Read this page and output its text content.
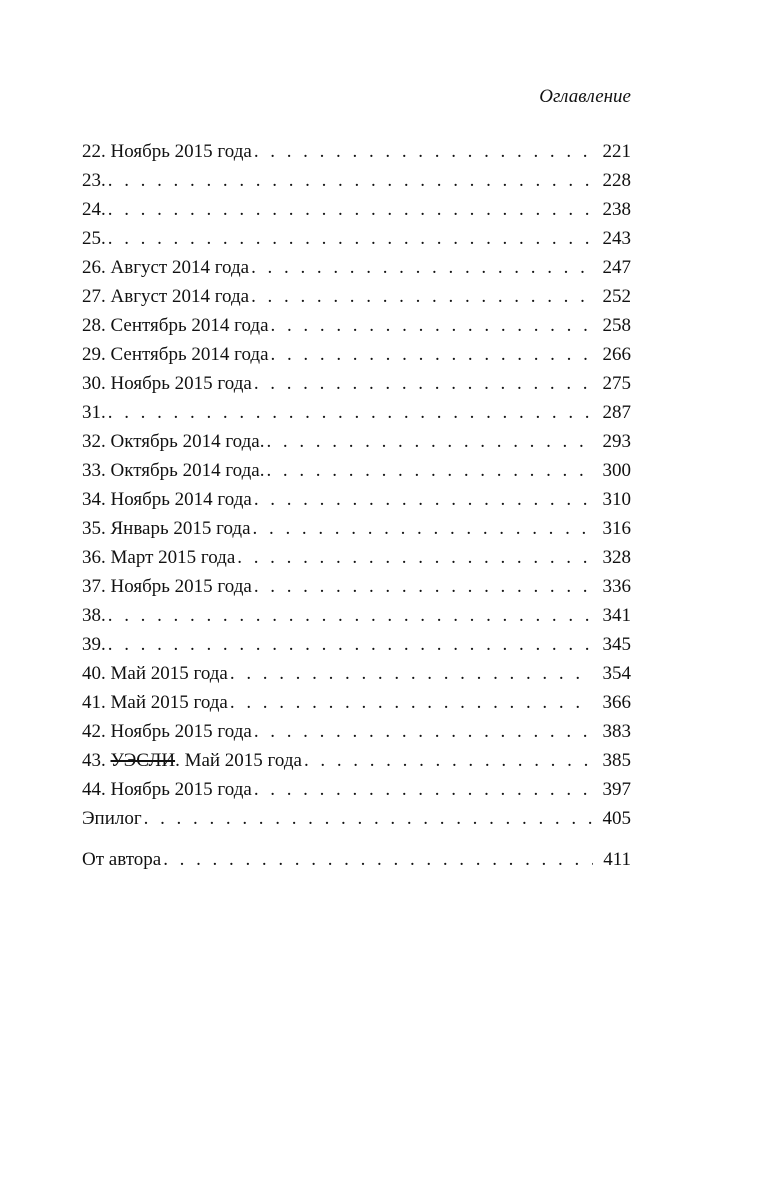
Оглавление
22. Ноябрь 2015 года .....	221
23. .....	228
24. .....	238
25. .....	243
26. Август 2014 года .....	247
27. Август 2014 года .....	252
28. Сентябрь 2014 года .....	258
29. Сентябрь 2014 года .....	266
30. Ноябрь 2015 года .....	275
31. .....	287
32. Октябрь 2014 года. .....	293
33. Октябрь 2014 года. .....	300
34. Ноябрь 2014 года .....	310
35. Январь 2015 года .....	316
36. Март 2015 года .....	328
37. Ноябрь 2015 года .....	336
38. .....	341
39. .....	345
40. Май 2015 года .....	354
41. Май 2015 года .....	366
42. Ноябрь 2015 года .....	383
43. УЭСЛИ. Май 2015 года .....	385
44. Ноябрь 2015 года .....	397
Эпилог .....	405
От автора .....	411
